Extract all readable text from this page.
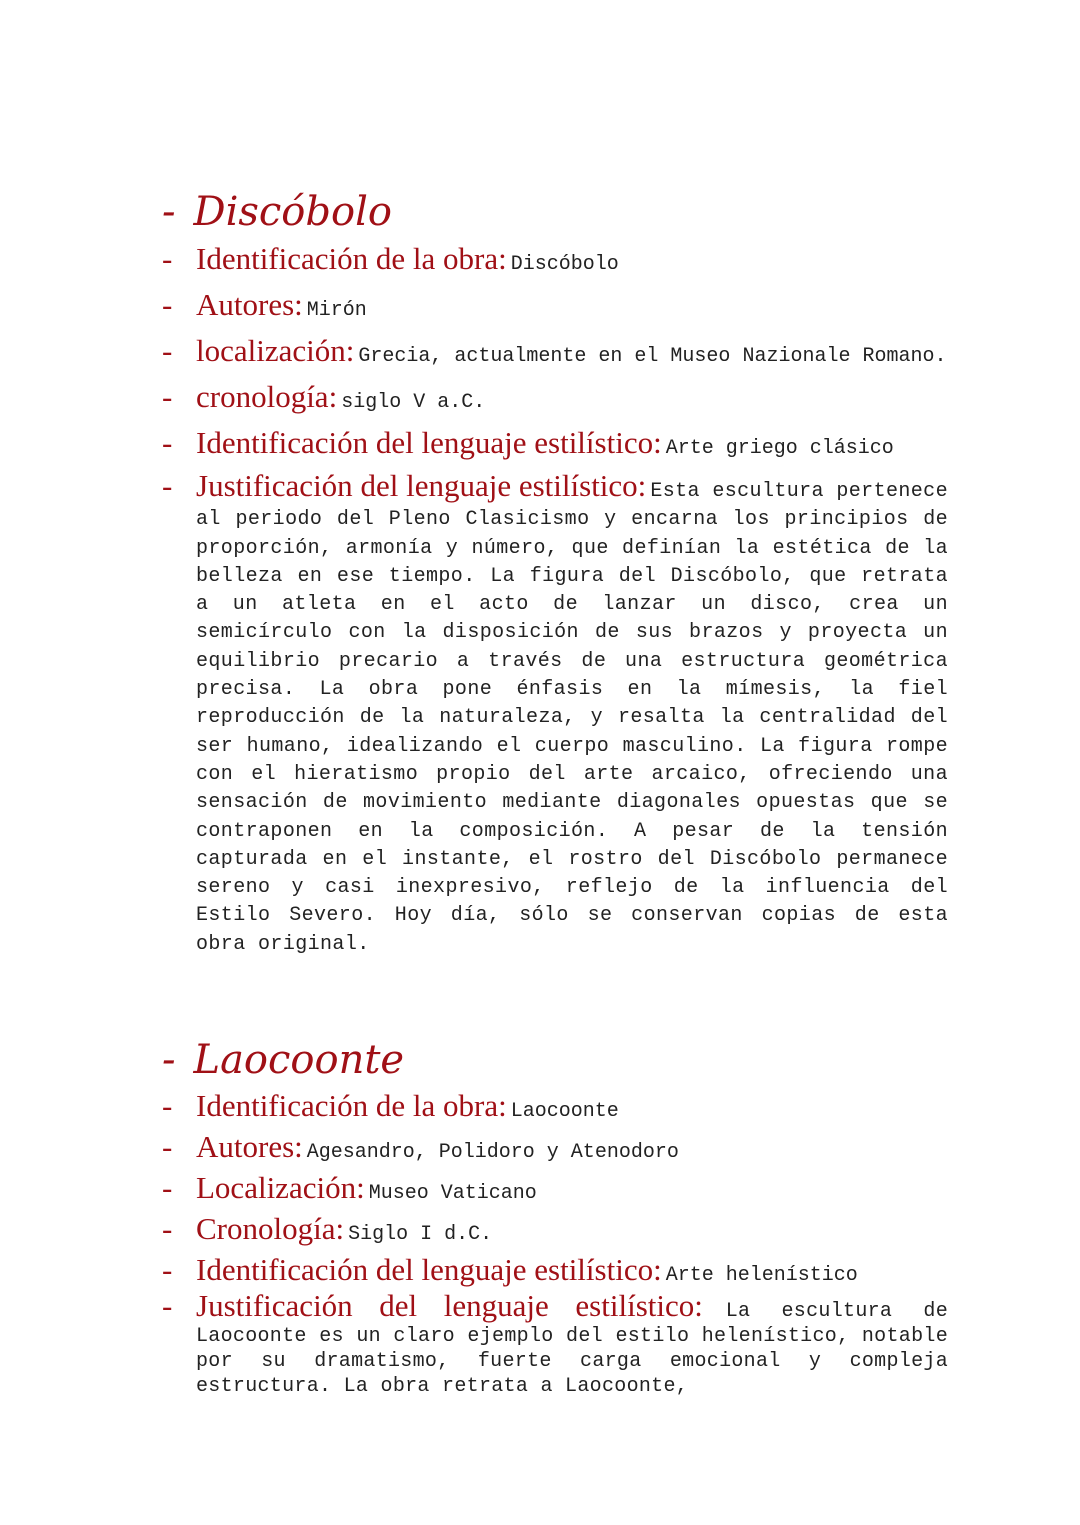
- Discóbolo
- Identificación de la obra: Discóbolo
- Autores: Mirón
- localización: Grecia, actualmente en el Museo Nazionale Romano.
- cronología: siglo V a.C.
- Identificación del lenguaje estilístico: Arte griego clásico
- Justificación del lenguaje estilístico: Esta escultura pertenece al periodo del Pleno Clasicismo y encarna los principios de proporción, armonía y número, que definían la estética de la belleza en ese tiempo. La figura del Discóbolo, que retrata a un atleta en el acto de lanzar un disco, crea un semicírculo con la disposición de sus brazos y proyecta un equilibrio precario a través de una estructura geométrica precisa. La obra pone énfasis en la mímesis, la fiel reproducción de la naturaleza, y resalta la centralidad del ser humano, idealizando el cuerpo masculino. La figura rompe con el hieratismo propio del arte arcaico, ofreciendo una sensación de movimiento mediante diagonales opuestas que se contraponen en la composición. A pesar de la tensión capturada en el instante, el rostro del Discóbolo permanece sereno y casi inexpresivo, reflejo de la influencia del Estilo Severo. Hoy día, sólo se conservan copias de esta obra original.
- Laocoonte
- Identificación de la obra: Laocoonte
- Autores: Agesandro, Polidoro y Atenodoro
- Localización: Museo Vaticano
- Cronología: Siglo I d.C.
- Identificación del lenguaje estilístico: Arte helenístico
- Justificación del lenguaje estilístico: La escultura de Laocoonte es un claro ejemplo del estilo helenístico, notable por su dramatismo, fuerte carga emocional y compleja estructura. La obra retrata a Laocoonte,
